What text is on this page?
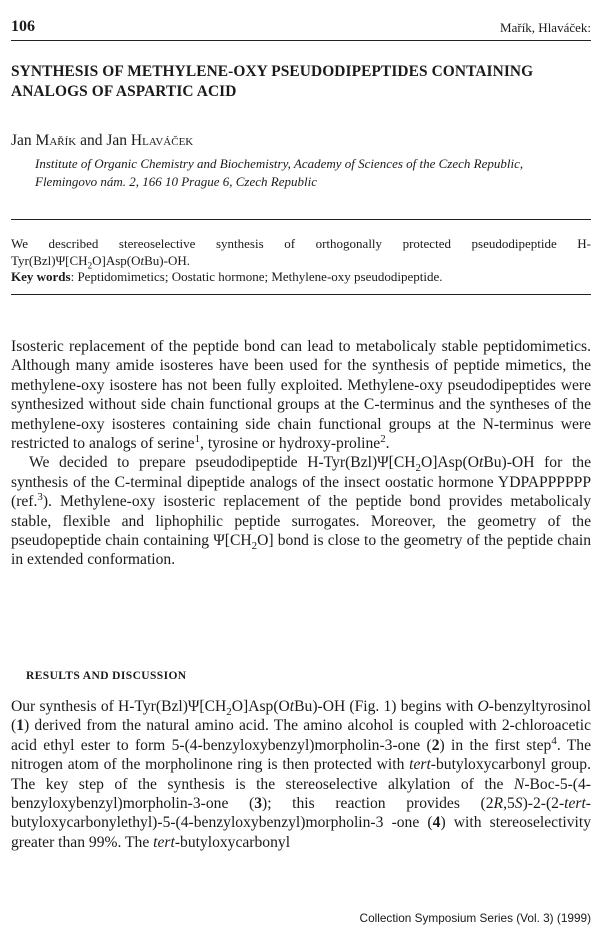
106	Mařík, Hlaváček:
SYNTHESIS OF METHYLENE-OXY PSEUDODIPEPTIDES CONTAINING ANALOGS OF ASPARTIC ACID
Jan Mařík and Jan Hlaváček
Institute of Organic Chemistry and Biochemistry, Academy of Sciences of the Czech Republic,
Flemingovo nám. 2, 166 10 Prague 6, Czech Republic

We described stereoselective synthesis of orthogonally protected pseudodipeptide $H-Tyr(Bzl)\Psi[CH_2O]Asp(OtBu)-OH$.

Key words: Peptidomimetics; Oostatic hormone; Methylene-oxy pseudodipeptide.

Isosteric replacement of the peptide bond can lead to metabolicaly stable peptidomimetics. Although many amide isosteres have been used for the synthesis of peptide mimetics, the methylene-oxy isostere has not been fully exploited. Methylene-oxy pseudodipeptides were synthesized without side chain functional groups at the C-terminus and the syntheses of the methylene-oxy isosteres containing side chain functional groups at the N-terminus were restricted to analogs of serine$^1$, tyrosine or hydroxy-proline$^2$.

We decided to prepare pseudodipeptide $H-Tyr(Bzl)\Psi[CH_2O]Asp(OtBu)-OH$ for the synthesis of the C-terminal dipeptide analogs of the insect oostatic hormone YDPAPPPPPP (ref.$^3$). Methylene-oxy isosteric replacement of the peptide bond provides metabolicaly stable, flexible and liphophilic peptide surrogates. Moreover, the geometry of the pseudopeptide chain containing $\Psi[CH_2O]$ bond is close to the geometry of the peptide chain in extended conformation.

RESULTS AND DISCUSSION

Our synthesis of $H-Tyr(Bzl)\Psi[CH_2O]Asp(OtBu)-OH$ (Fig. 1) begins with O-benzyltyrosinol (1) derived from the natural amino acid. The amino alcohol is coupled with 2-chloroacetic acid ethyl ester to form 5-(4-benzyloxybenzyl)morpholin-3-one (2) in the first step$^4$. The nitrogen atom of the morpholinone ring is then protected with tert-butyloxycarbonyl group. The key step of the synthesis is the stereoselective alkylation of the N-Boc-5-(4-benzyloxybenzyl)morpholin-3-one (3); this reaction provides (2R,5S)-2-(2-tert-butyloxycarbonylethyl)-5-(4-benzyloxybenzyl)morpholin-3 -one (4) with stereoselectivity greater than 99%. The tert-butyloxycarbonyl

Collection Symposium Series (Vol. 3) (1999)
